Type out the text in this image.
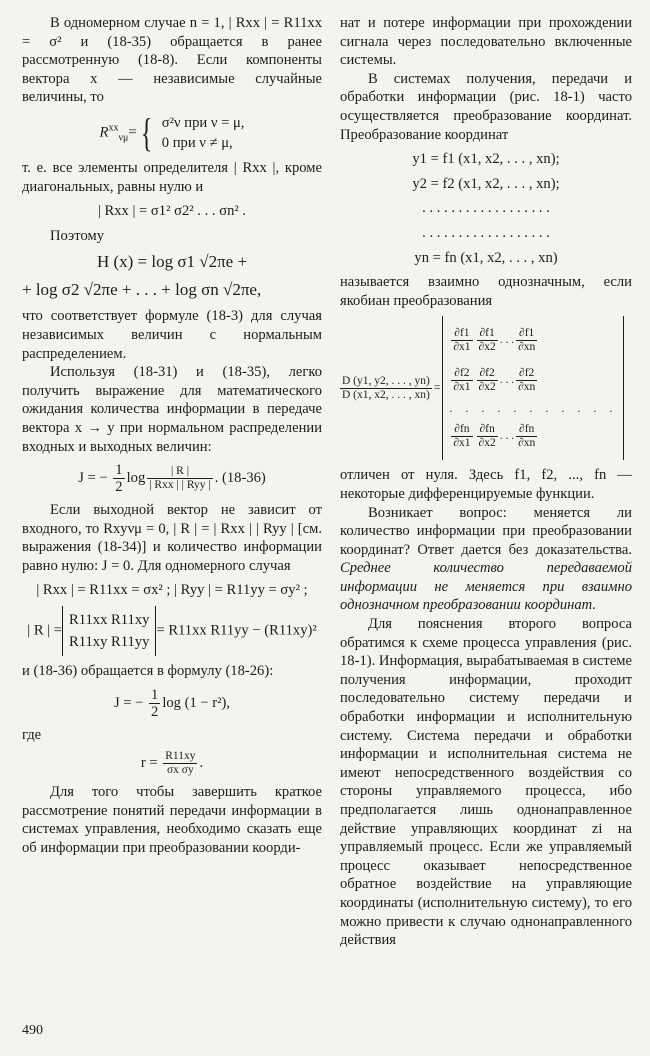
В одномерном случае n = 1, | Rxx | = R11xx = σ² и (18-35) обращается в ранее рассмотренную (18-8). Если компоненты вектора x — независимые случайные величины, то

$R^{xx}_{\nu\mu}=${ σ²ν при ν = μ,
0 при ν ≠ μ,

т. е. все элементы определителя | Rxx |, кроме диагональных, равны нулю и

| Rxx | = σ1² σ2² . . . σn² .

Поэтому

H (x) = log σ1 √2πe +
+ log σ2 √2πe + . . . + log σn √2πe,

что соответствует формуле (18-3) для случая независимых величин с нормальным распределением.

Используя (18-31) и (18-35), легко получить выражение для математического ожидания количества информации в передаче вектора x → y при нормальном распределении входных и выходных величин:

J = − $\frac{1}{2}$ $\log \frac{| R |}{\text{| Rxx | | Ryy |}}$ . (18-36)

Если выходной вектор не зависит от входного, то Rxyνμ = 0, | R | = | Rxx | | Ryy | [см. выражения (18-34)] и количество информации равно нулю: J = 0. Для одномерного случая

| Rxx | = R11xx = σx² ; | Ryy | = R11yy = σy² ;
| R | =
R11xx R11xy
R11xy R11yy
= R11xx R11yy − (R11xy)²

и (18-36) обращается в формулу (18-26):

J = − $\frac{1}{2}$ log (1 − r²),

где

$r = \frac{R11xy}{\text{σx σy}}$ .

Для того чтобы завершить краткое рассмотрение понятий передачи информации в системах управления, необходимо сказать еще об информации при преобразовании коорди-

нат и потере информации при прохождении сигнала через последовательно включенные системы.

В системах получения, передачи и обработки информации (рис. 18-1) часто осуществляется преобразование координат. Преобразование координат

y1 = f1 (x1, x2, . . . , xn);
y2 = f2 (x1, x2, . . . , xn);
. . . . . . . . . . . . . . . . . .
. . . . . . . . . . . . . . . . . .
yn = fn (x1, x2, . . . , xn)

называется взаимно однозначным, если якобиан преобразования

$\frac{D (y1, y2, . . . , yn)}{D (x1, x2, . . . , xn)}$ =
$\frac{\partial f1}{\partial x1} \frac{\partial f1}{\partial x2}$ . . . $\frac{\partial f1}{\partial xn}$
$\frac{\partial f2}{\partial x1} \frac{\partial f2}{\partial x2}$ . . . $\frac{\partial f2}{\partial xn}$
. . . . . . . . . . .
$\frac{\partial fn}{\partial x1} \frac{\partial fn}{\partial x2}$ . . . $\frac{\partial fn}{\partial xn}$

отличен от нуля. Здесь f1, f2, ..., fn — некоторые дифференцируемые функции.

Возникает вопрос: меняется ли количество информации при преобразовании координат? Ответ дается без доказательства. Среднее количество передаваемой информации не меняется при взаимно однозначном преобразовании координат.

Для пояснения второго вопроса обратимся к схеме процесса управления (рис. 18-1). Информация, вырабатываемая в системе получения информации, проходит последовательно систему передачи и обработки информации и исполнительную систему. Система передачи и обработки информации и исполнительная система не имеют непосредственного воздействия со стороны управляемого процесса, ибо предполагается лишь однонаправленное действие управляющих координат zi на управляемый процесс. Если же управляемый процесс оказывает непосредственное обратное воздействие на управляющие координаты (исполнительную систему), то его можно привести к случаю однонаправленного действия

490
